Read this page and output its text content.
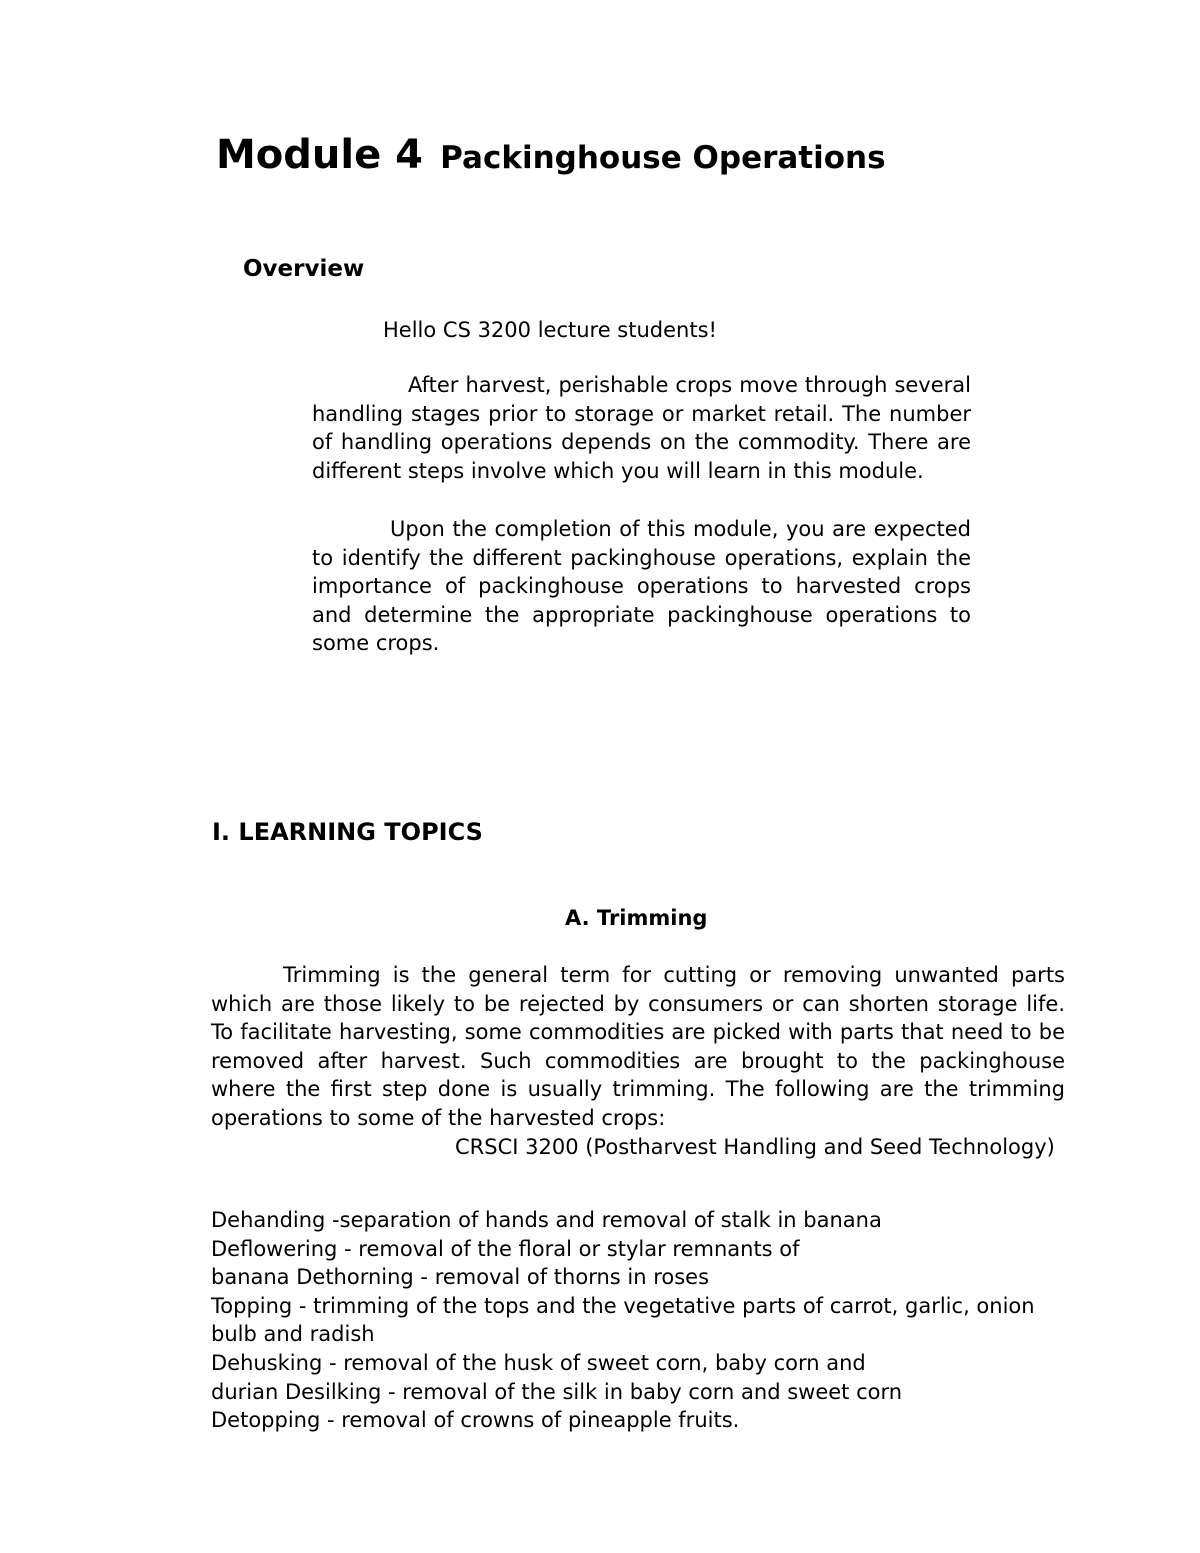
Module 4 Packinghouse Operations
Overview

Hello CS 3200 lecture students!

After harvest, perishable crops move through several handling stages prior to storage or market retail. The number of handling operations depends on the commodity. There are different steps involve which you will learn in this module.

Upon the completion of this module, you are expected to identify the different packinghouse operations, explain the importance of packinghouse operations to harvested crops and determine the appropriate packinghouse operations to some crops.

I. LEARNING TOPICS
A. Trimming

Trimming is the general term for cutting or removing unwanted parts which are those likely to be rejected by consumers or can shorten storage life. To facilitate harvesting, some commodities are picked with parts that need to be removed after harvest. Such commodities are brought to the packinghouse where the first step done is usually trimming. The following are the trimming operations to some of the harvested crops:

CRSCI 3200 (Postharvest Handling and Seed Technology)

Dehanding -separation of hands and removal of stalk in banana
Deflowering - removal of the floral or stylar remnants of
banana Dethorning - removal of thorns in roses
Topping - trimming of the tops and the vegetative parts of carrot, garlic, onion
bulb and radish
Dehusking - removal of the husk of sweet corn, baby corn and
durian Desilking - removal of the silk in baby corn and sweet corn
Detopping - removal of crowns of pineapple fruits.
